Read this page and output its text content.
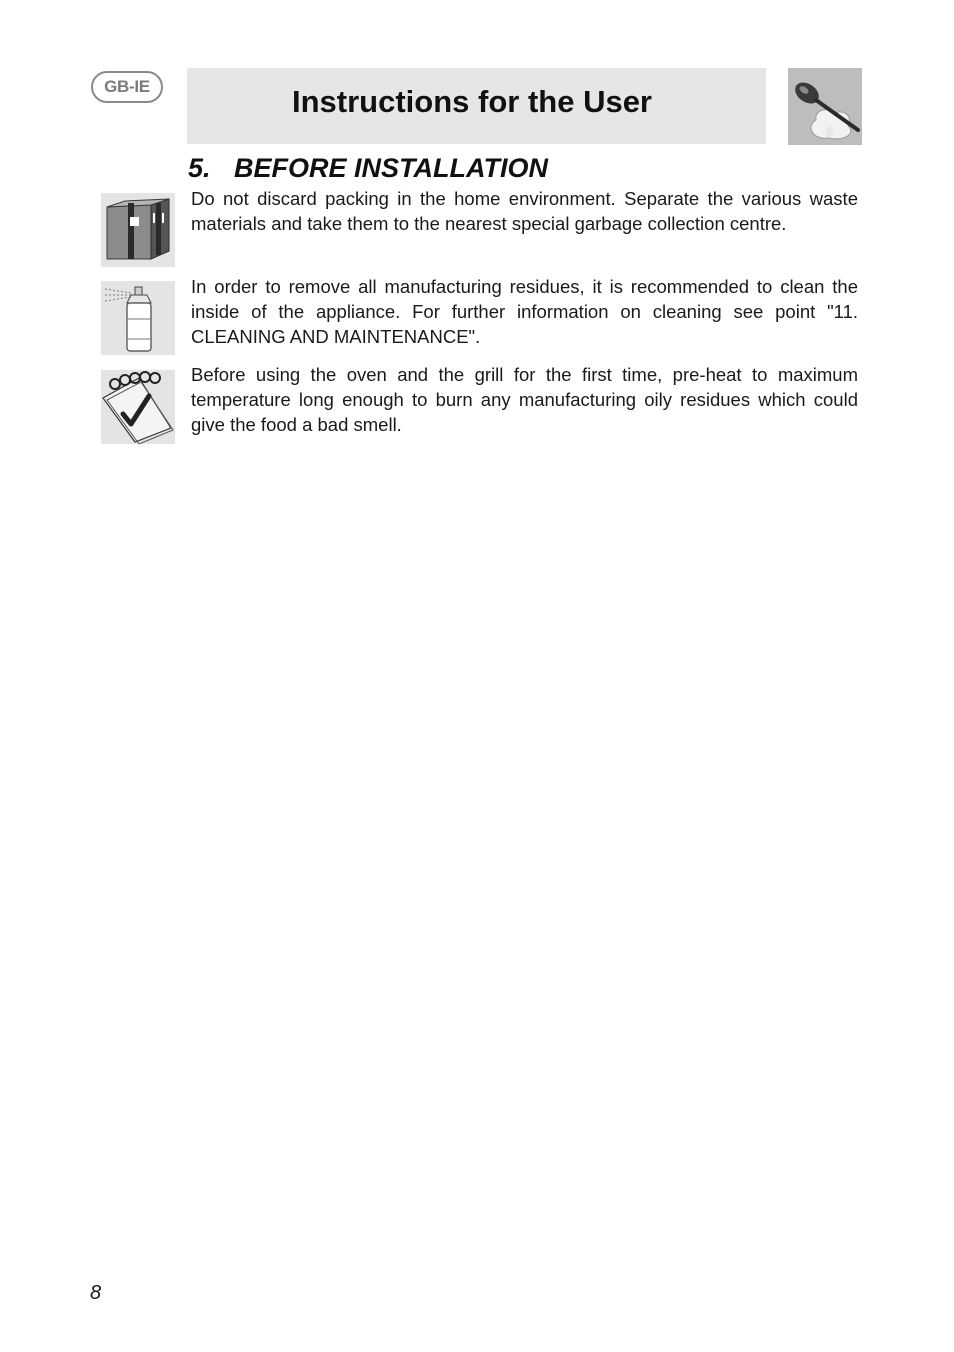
GB-IE	Instructions for the User
5. BEFORE INSTALLATION

Do not discard packing in the home environment. Separate the various waste materials and take them to the nearest special garbage collection centre.

In order to remove all manufacturing residues, it is recommended to clean the inside of the appliance. For further information on cleaning see point "11. CLEANING AND MAINTENANCE".

Before using the oven and the grill for the first time, pre-heat to maximum temperature long enough to burn any manufacturing oily residues which could give the food a bad smell.

8
